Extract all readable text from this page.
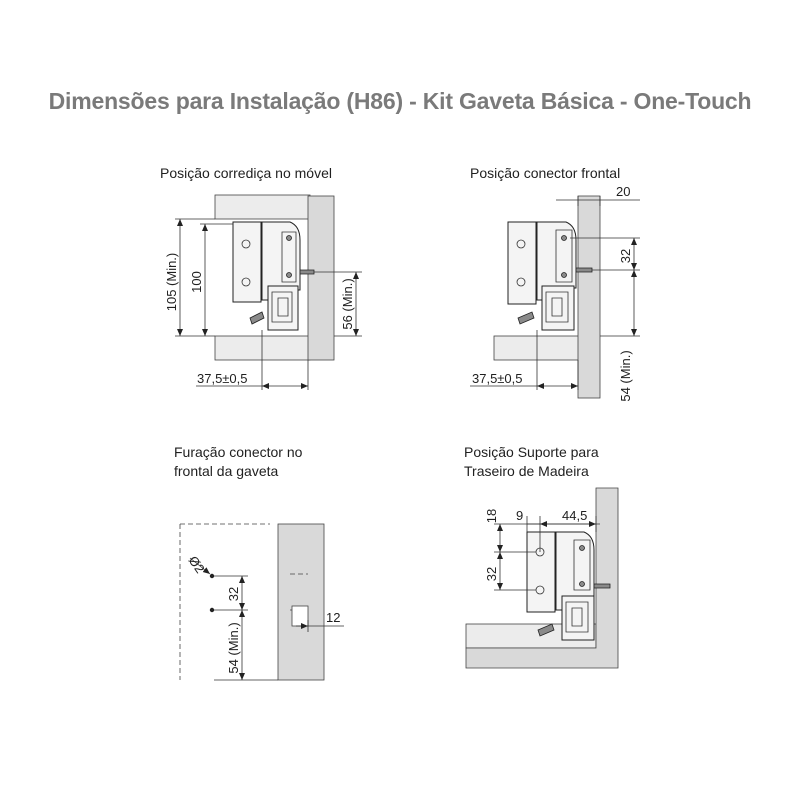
Dimensões para Instalação (H86) - Kit Gaveta Básica - One-Touch
Posição corrediça no móvel	Posição conector frontal
Furação conector no
frontal da gaveta
Posição Suporte para
Traseiro de Madeira
105 (Min.) 100	56 (Min.)
37,5±0,5
20
32
54 (Min.)
37,5±0,5
Ø2
32
54 (Min.)
12
18
32
9	44,5
